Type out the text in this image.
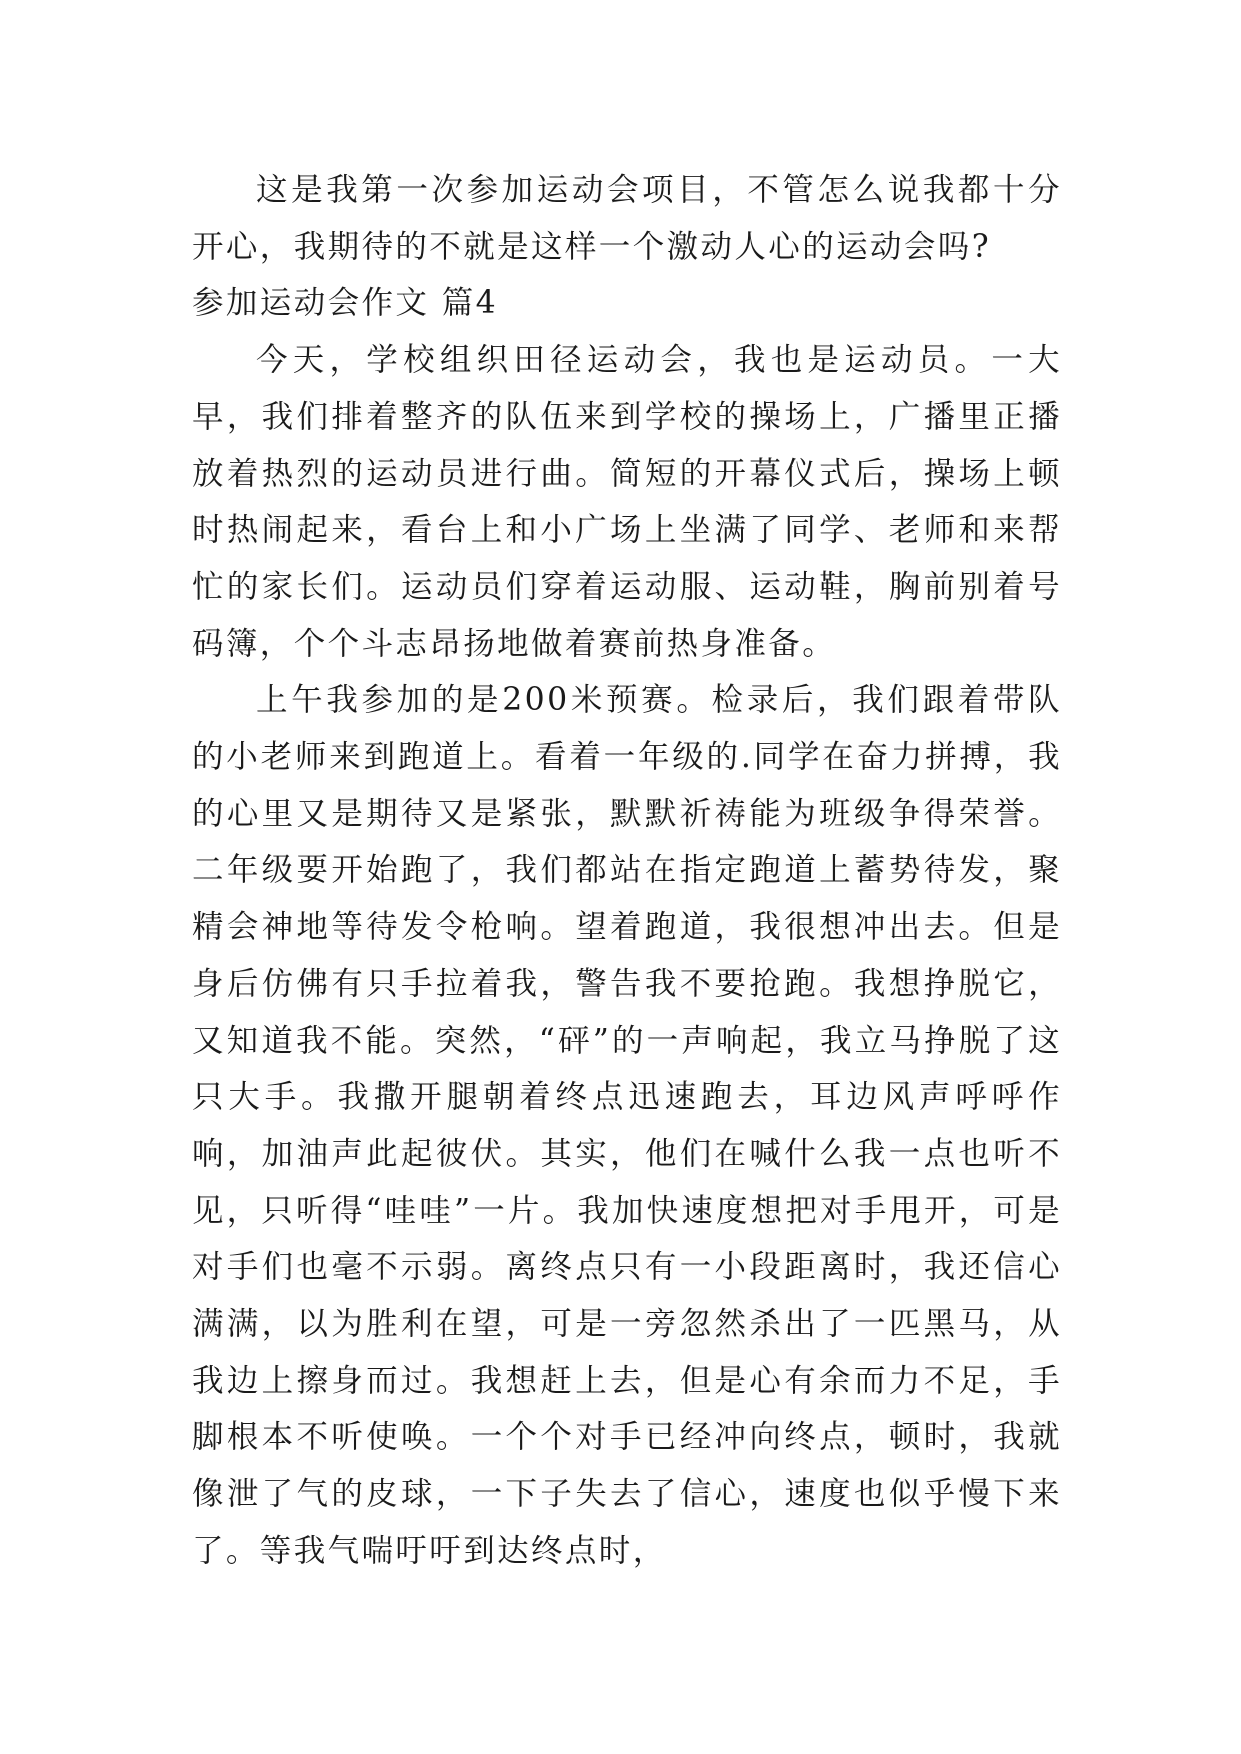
这是我第一次参加运动会项目，不管怎么说我都十分开心，我期待的不就是这样一个激动人心的运动会吗?

参加运动会作文 篇4

今天，学校组织田径运动会，我也是运动员。一大早，我们排着整齐的队伍来到学校的操场上，广播里正播放着热烈的运动员进行曲。简短的开幕仪式后，操场上顿时热闹起来，看台上和小广场上坐满了同学、老师和来帮忙的家长们。运动员们穿着运动服、运动鞋，胸前别着号码簿，个个斗志昂扬地做着赛前热身准备。

上午我参加的是200米预赛。检录后，我们跟着带队的小老师来到跑道上。看着一年级的.同学在奋力拼搏，我的心里又是期待又是紧张，默默祈祷能为班级争得荣誉。二年级要开始跑了，我们都站在指定跑道上蓄势待发，聚精会神地等待发令枪响。望着跑道，我很想冲出去。但是身后仿佛有只手拉着我，警告我不要抢跑。我想挣脱它，又知道我不能。突然，“砰”的一声响起，我立马挣脱了这只大手。我撒开腿朝着终点迅速跑去，耳边风声呼呼作响，加油声此起彼伏。其实，他们在喊什么我一点也听不见，只听得“哇哇”一片。我加快速度想把对手甩开，可是对手们也毫不示弱。离终点只有一小段距离时，我还信心满满，以为胜利在望，可是一旁忽然杀出了一匹黑马，从我边上擦身而过。我想赶上去，但是心有余而力不足，手脚根本不听使唤。一个个对手已经冲向终点，顿时，我就像泄了气的皮球，一下子失去了信心，速度也似乎慢下来了。等我气喘吁吁到达终点时，
